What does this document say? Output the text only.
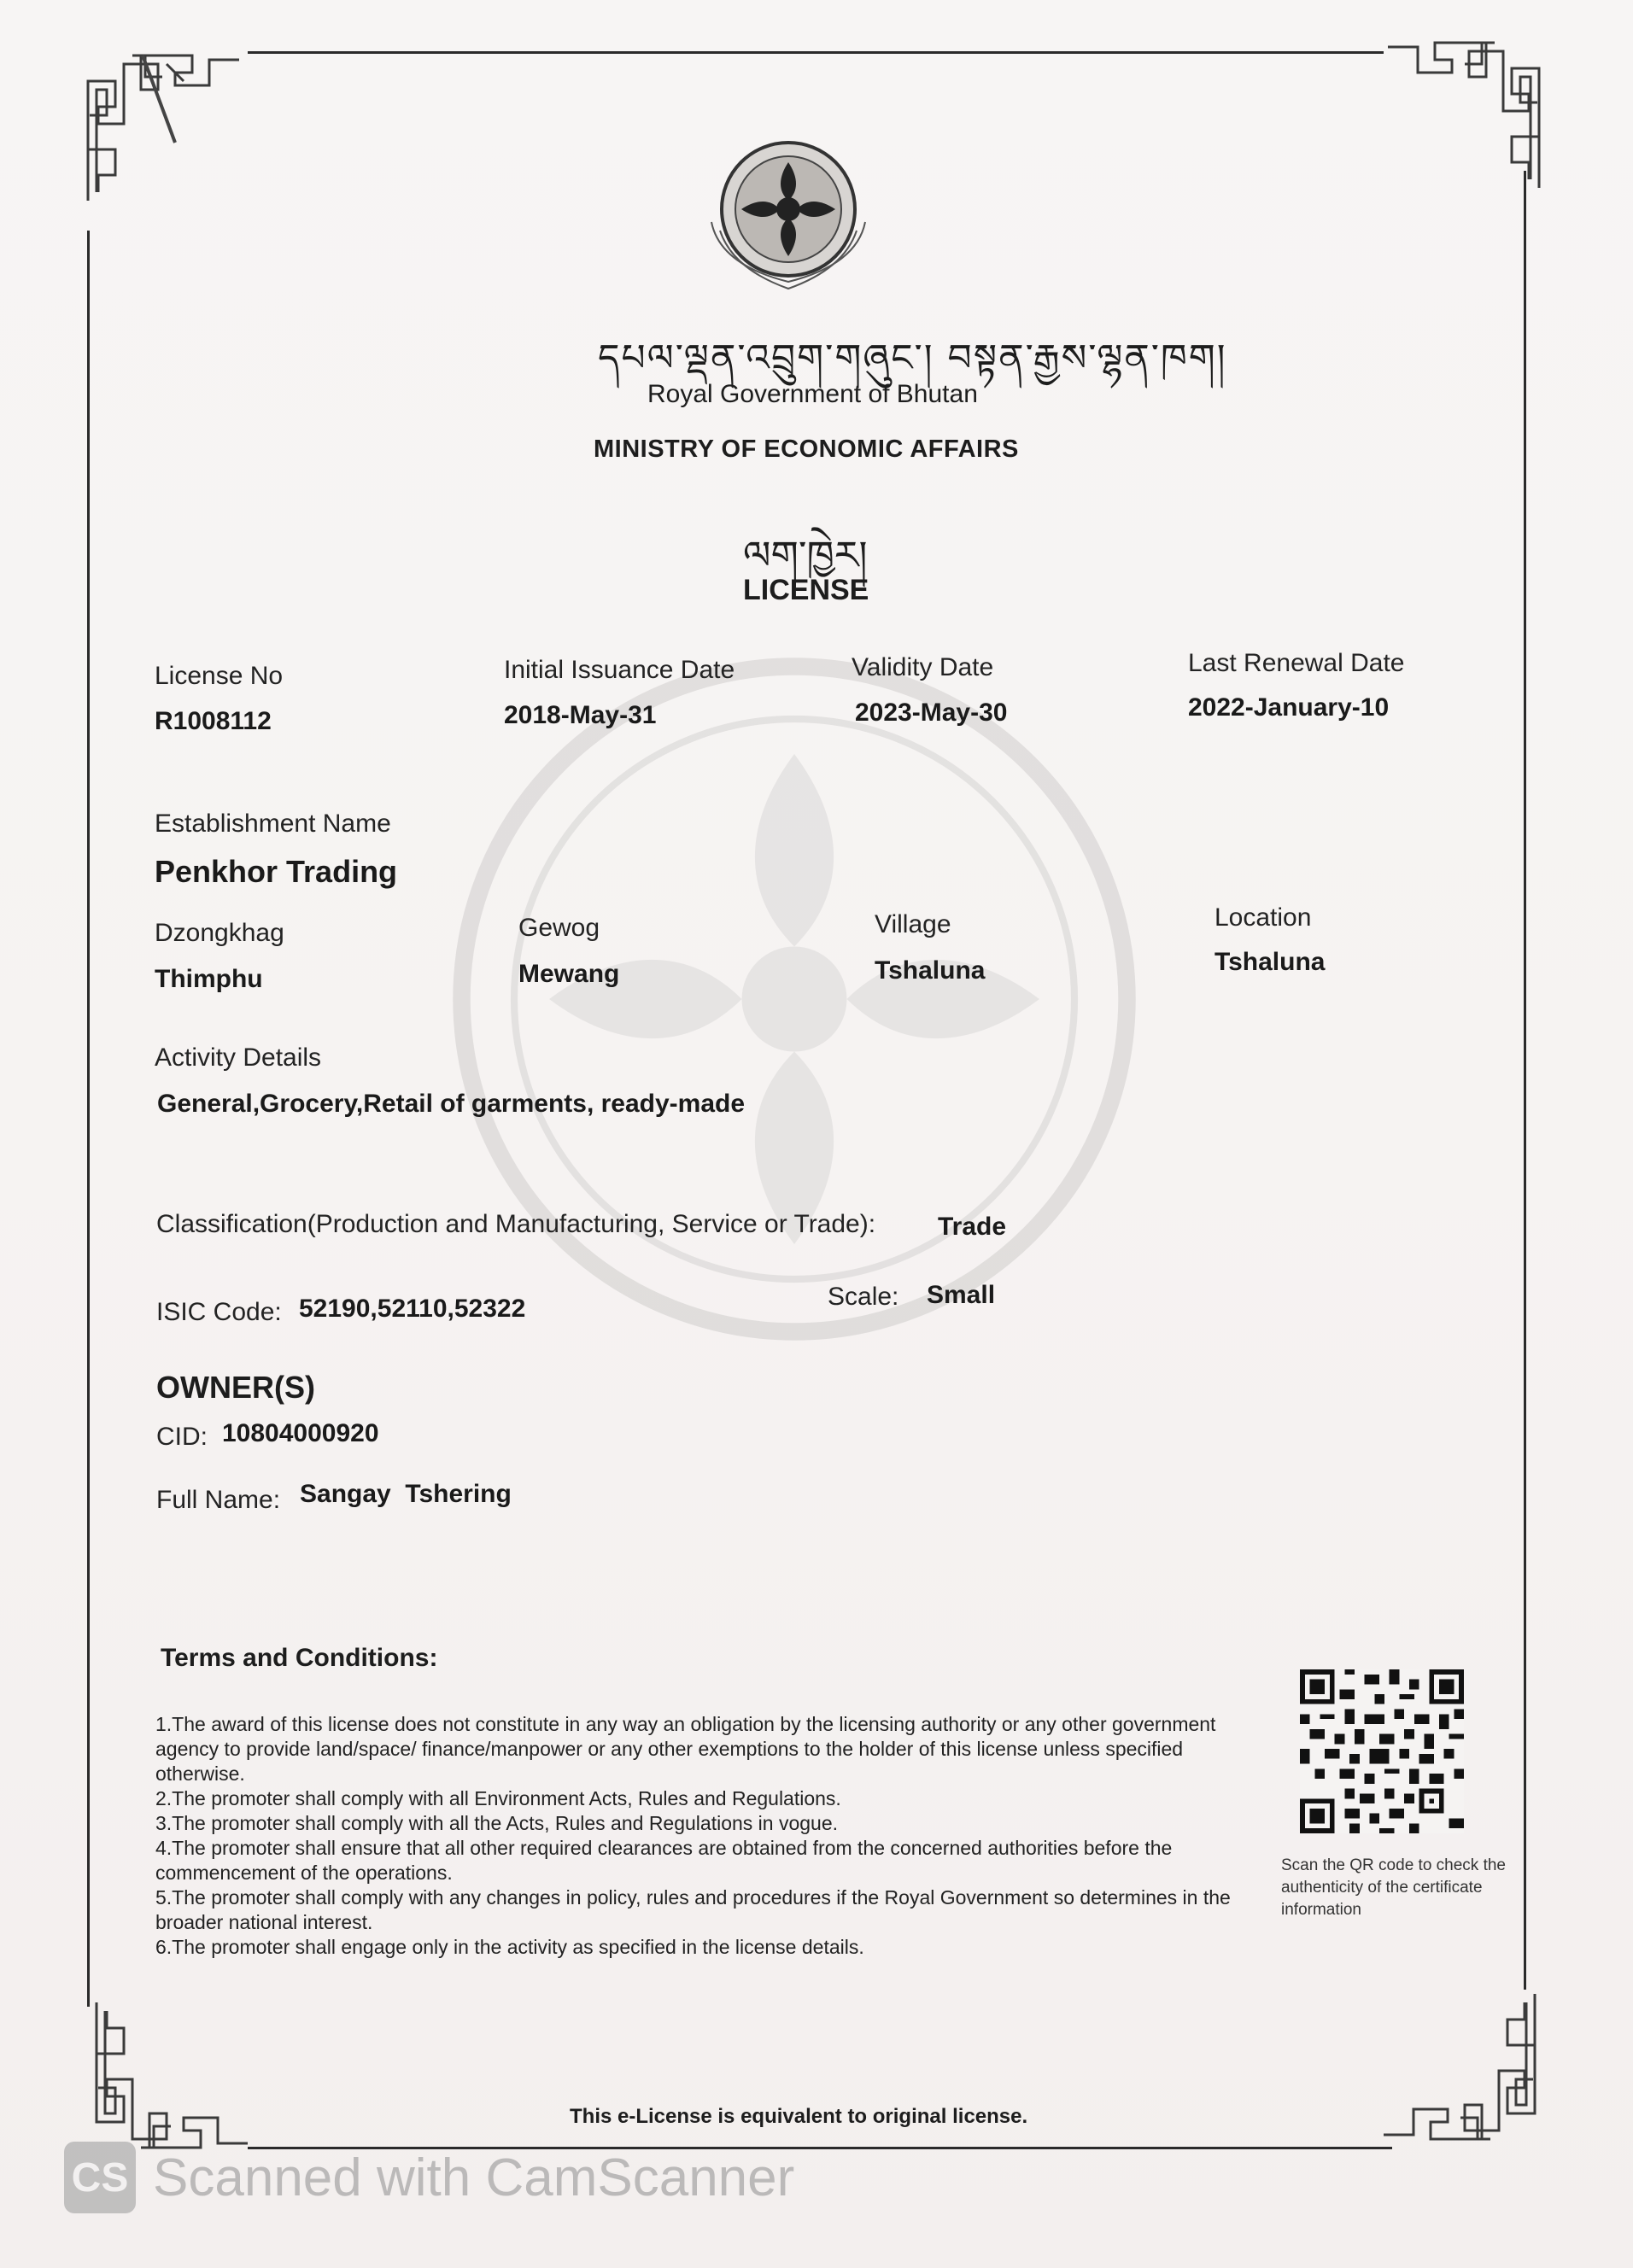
དཔལ་ལྡན་འབྲུག་གཞུང་། བསྟན་རྒྱས་ལྷན་ཁག།
Royal Government of Bhutan
MINISTRY OF ECONOMIC AFFAIRS
ལག་ཁྱེར།
LICENSE
License No
R1008112
Initial Issuance Date
2018-May-31
Validity Date
2023-May-30
Last Renewal Date
2022-January-10
Establishment Name
Penkhor Trading
Dzongkhag
Thimphu
Gewog
Mewang
Village
Tshaluna
Location
Tshaluna
Activity Details
General,Grocery,Retail of garments, ready-made
Classification(Production and Manufacturing, Service or Trade): Trade
ISIC Code: 52190,52110,52322	Scale: Small
OWNER(S)
CID: 10804000920
Full Name: Sangay  Tshering
Terms and Conditions:
1.The award of this license does not constitute in any way an obligation by the licensing authority or any other government agency to provide land/space/ finance/manpower or any other exemptions to the holder of this license unless specified otherwise.
2.The promoter shall comply with all Environment Acts, Rules and Regulations.
3.The promoter shall comply with all the Acts, Rules and Regulations in vogue.
4.The promoter shall ensure that all other required clearances are obtained from the concerned authorities before the commencement of the operations.
5.The promoter shall comply with any changes in policy, rules and procedures if the Royal Government so determines in the broader national interest.
6.The promoter shall engage only in the activity as specified in the license details.
Scan the QR code to check the authenticity of the certificate information
This e-License is equivalent to original license.
CS Scanned with CamScanner
